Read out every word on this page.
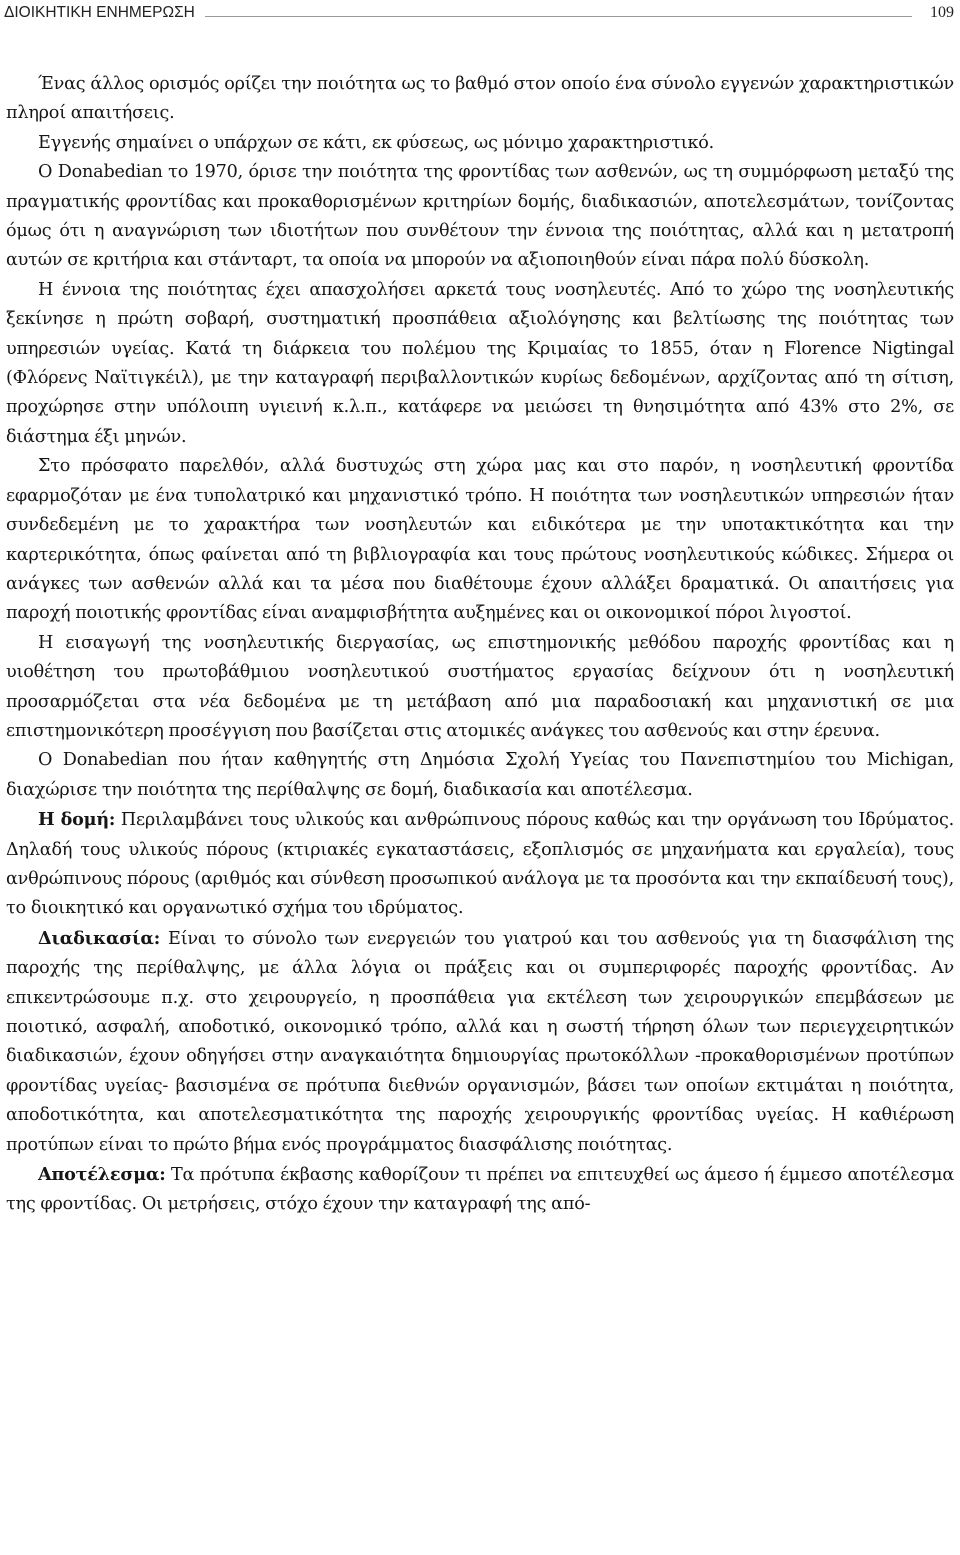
ΔΙΟΙΚΗΤΙΚΗ ΕΝΗΜΕΡΩΣΗ	109

Ένας άλλος ορισμός ορίζει την ποιότητα ως το βαθμό στον οποίο ένα σύνολο εγγενών χαρακτηριστικών πληροί απαιτήσεις.

Εγγενής σημαίνει ο υπάρχων σε κάτι, εκ φύσεως, ως μόνιμο χαρακτηριστικό.

O Donabedian το 1970, όρισε την ποιότητα της φροντίδας των ασθενών, ως τη συμμόρφωση μεταξύ της πραγματικής φροντίδας και προκαθορισμένων κριτηρίων δομής, διαδικασιών, αποτελεσμάτων, τονίζοντας όμως ότι η αναγνώριση των ιδιοτήτων που συνθέτουν την έννοια της ποιότητας, αλλά και η μετατροπή αυτών σε κριτήρια και στάνταρτ, τα οποία να μπορούν να αξιοποιηθούν είναι πάρα πολύ δύσκολη.

Η έννοια της ποιότητας έχει απασχολήσει αρκετά τους νοσηλευτές. Από το χώρο της νοσηλευτικής ξεκίνησε η πρώτη σοβαρή, συστηματική προσπάθεια αξιολόγησης και βελτίωσης της ποιότητας των υπηρεσιών υγείας. Κατά τη διάρκεια του πολέμου της Κριμαίας το 1855, όταν η Florence Nigtingal (Φλόρενς Ναϊτιγκέιλ), με την καταγραφή περιβαλλοντικών κυρίως δεδομένων, αρχίζοντας από τη σίτιση, προχώρησε στην υπόλοιπη υγιεινή κ.λ.π., κατάφερε να μειώσει τη θνησιμότητα από 43% στο 2%, σε διάστημα έξι μηνών.

Στο πρόσφατο παρελθόν, αλλά δυστυχώς στη χώρα μας και στο παρόν, η νοσηλευτική φροντίδα εφαρμοζόταν με ένα τυπολατρικό και μηχανιστικό τρόπο. Η ποιότητα των νοσηλευτικών υπηρεσιών ήταν συνδεδεμένη με το χαρακτήρα των νοσηλευτών και ειδικότερα με την υποτακτικότητα και την καρτερικότητα, όπως φαίνεται από τη βιβλιογραφία και τους πρώτους νοσηλευτικούς κώδικες. Σήμερα οι ανάγκες των ασθενών αλλά και τα μέσα που διαθέτουμε έχουν αλλάξει δραματικά. Οι απαιτήσεις για παροχή ποιοτικής φροντίδας είναι αναμφισβήτητα αυξημένες και οι οικονομικοί πόροι λιγοστοί.

Η εισαγωγή της νοσηλευτικής διεργασίας, ως επιστημονικής μεθόδου παροχής φροντίδας και η υιοθέτηση του πρωτοβάθμιου νοσηλευτικού συστήματος εργασίας δείχνουν ότι η νοσηλευτική προσαρμόζεται στα νέα δεδομένα με τη μετάβαση από μια παραδοσιακή και μηχανιστική σε μια επιστημονικότερη προσέγγιση που βασίζεται στις ατομικές ανάγκες του ασθενούς και στην έρευνα.

O Donabedian που ήταν καθηγητής στη Δημόσια Σχολή Υγείας του Πανεπιστημίου του Michigan, διαχώρισε την ποιότητα της περίθαλψης σε δομή, διαδικασία και αποτέλεσμα.

Η δομή: Περιλαμβάνει τους υλικούς και ανθρώπινους πόρους καθώς και την οργάνωση του Ιδρύματος. Δηλαδή τους υλικούς πόρους (κτιριακές εγκαταστάσεις, εξοπλισμός σε μηχανήματα και εργαλεία), τους ανθρώπινους πόρους (αριθμός και σύνθεση προσωπικού ανάλογα με τα προσόντα και την εκπαίδευσή τους), το διοικητικό και οργανωτικό σχήμα του ιδρύματος.

Διαδικασία: Είναι το σύνολο των ενεργειών του γιατρού και του ασθενούς για τη διασφάλιση της παροχής της περίθαλψης, με άλλα λόγια οι πράξεις και οι συμπεριφορές παροχής φροντίδας. Αν επικεντρώσουμε π.χ. στο χειρουργείο, η προσπάθεια για εκτέλεση των χειρουργικών επεμβάσεων με ποιοτικό, ασφαλή, αποδοτικό, οικονομικό τρόπο, αλλά και η σωστή τήρηση όλων των περιεγχειρητικών διαδικασιών, έχουν οδηγήσει στην αναγκαιότητα δημιουργίας πρωτοκόλλων -προκαθορισμένων προτύπων φροντίδας υγείας- βασισμένα σε πρότυπα διεθνών οργανισμών, βάσει των οποίων εκτιμάται η ποιότητα, αποδοτικότητα, και αποτελεσματικότητα της παροχής χειρουργικής φροντίδας υγείας. Η καθιέρωση προτύπων είναι το πρώτο βήμα ενός προγράμματος διασφάλισης ποιότητας.

Αποτέλεσμα: Τα πρότυπα έκβασης καθορίζουν τι πρέπει να επιτευχθεί ως άμεσο ή έμμεσο αποτέλεσμα της φροντίδας. Οι μετρήσεις, στόχο έχουν την καταγραφή της από-
